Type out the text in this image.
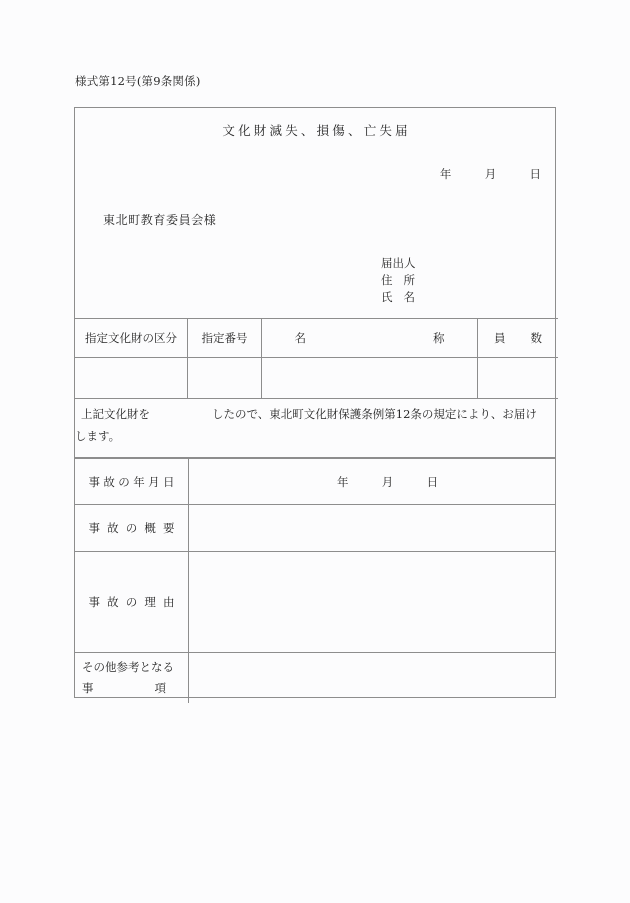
様式第12号(第9条関係)
文化財滅失、損傷、亡失届
年	月	日
東北町教育委員会様
届出人
住 所
氏 名
指定文化財の区分	指定番号	名称	員数

上記文化財を	したので、東北町文化財保護条例第12条の規定により、お届け
します。
事故の年月日	年 月 日

事故の概要	
事故の理由	

その他参考となる
事項	
